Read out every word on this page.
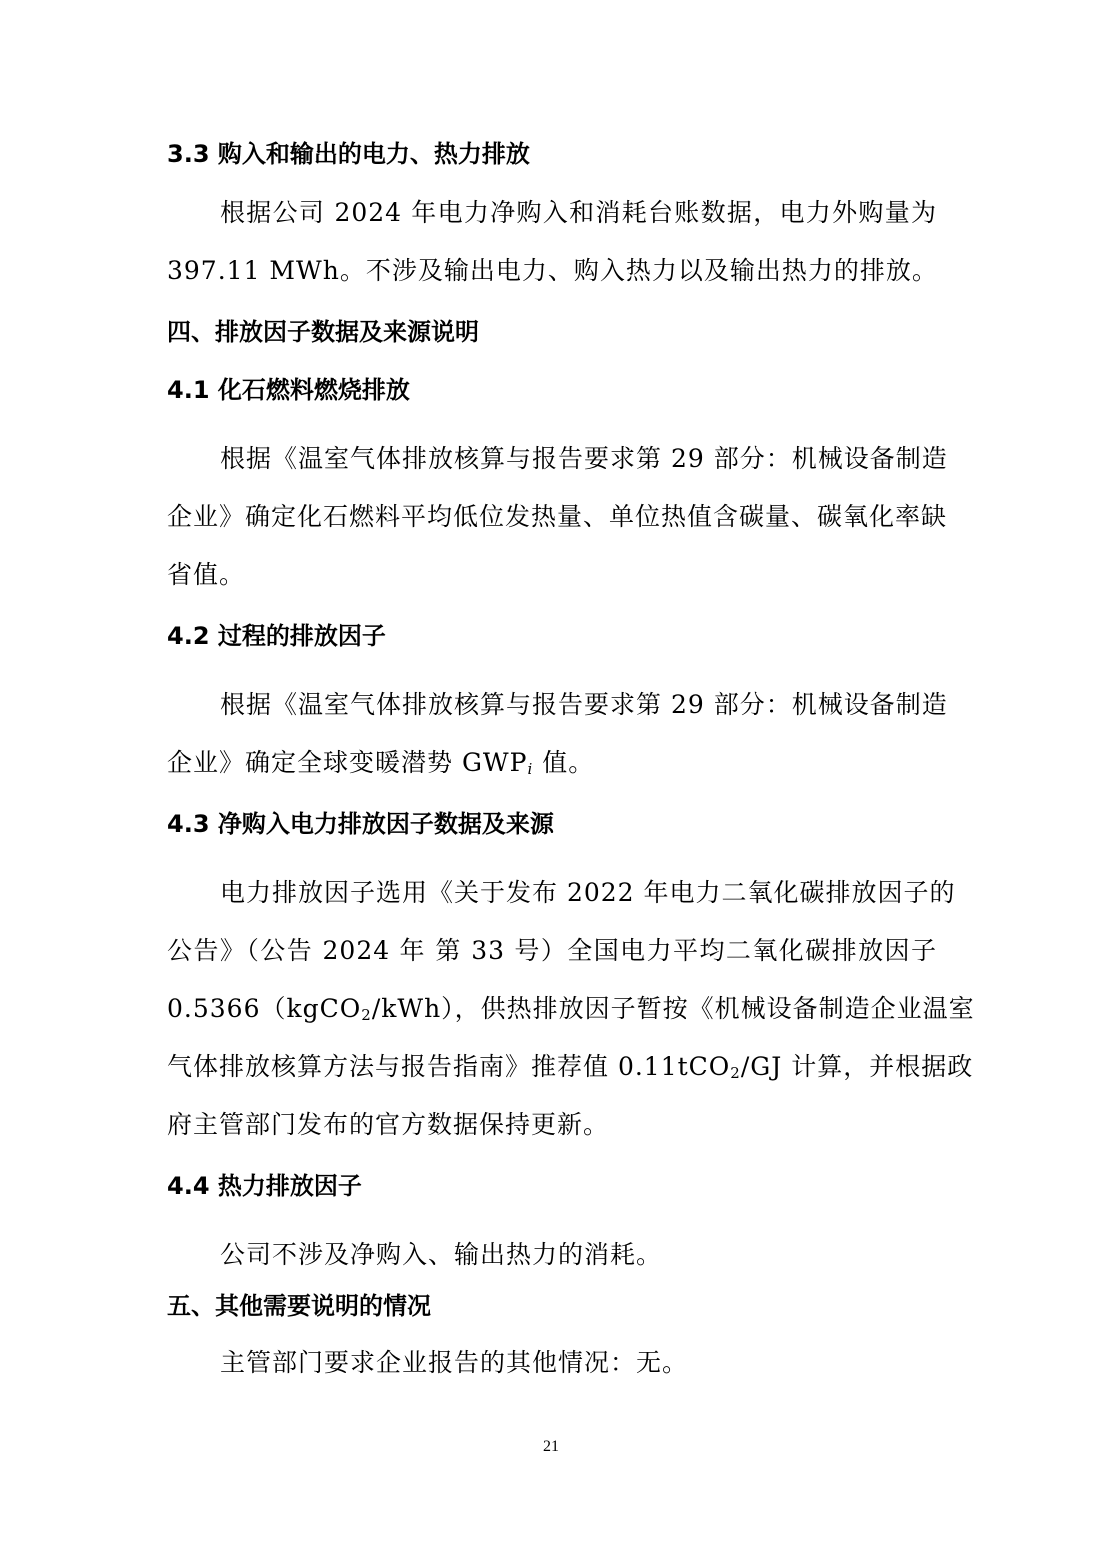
3.3 购入和输出的电力、热力排放
根据公司 2024 年电力净购入和消耗台账数据，电力外购量为
397.11 MWh。不涉及输出电力、购入热力以及输出热力的排放。
四、排放因子数据及来源说明
4.1 化石燃料燃烧排放
根据《温室气体排放核算与报告要求第 29 部分：机械设备制造
企业》确定化石燃料平均低位发热量、单位热值含碳量、碳氧化率缺
省值。
4.2 过程的排放因子
根据《温室气体排放核算与报告要求第 29 部分：机械设备制造
企业》确定全球变暖潜势 GWPi 值。
4.3 净购入电力排放因子数据及来源
电力排放因子选用《关于发布 2022 年电力二氧化碳排放因子的
公告》（公告 2024 年 第 33 号）全国电力平均二氧化碳排放因子
0.5366（kgCO$_2$/kWh），供热排放因子暂按《机械设备制造企业温室
气体排放核算方法与报告指南》推荐值 0.11tCO$_2$/GJ 计算，并根据政
府主管部门发布的官方数据保持更新。
4.4 热力排放因子
公司不涉及净购入、输出热力的消耗。
五、其他需要说明的情况
主管部门要求企业报告的其他情况：无。
21
